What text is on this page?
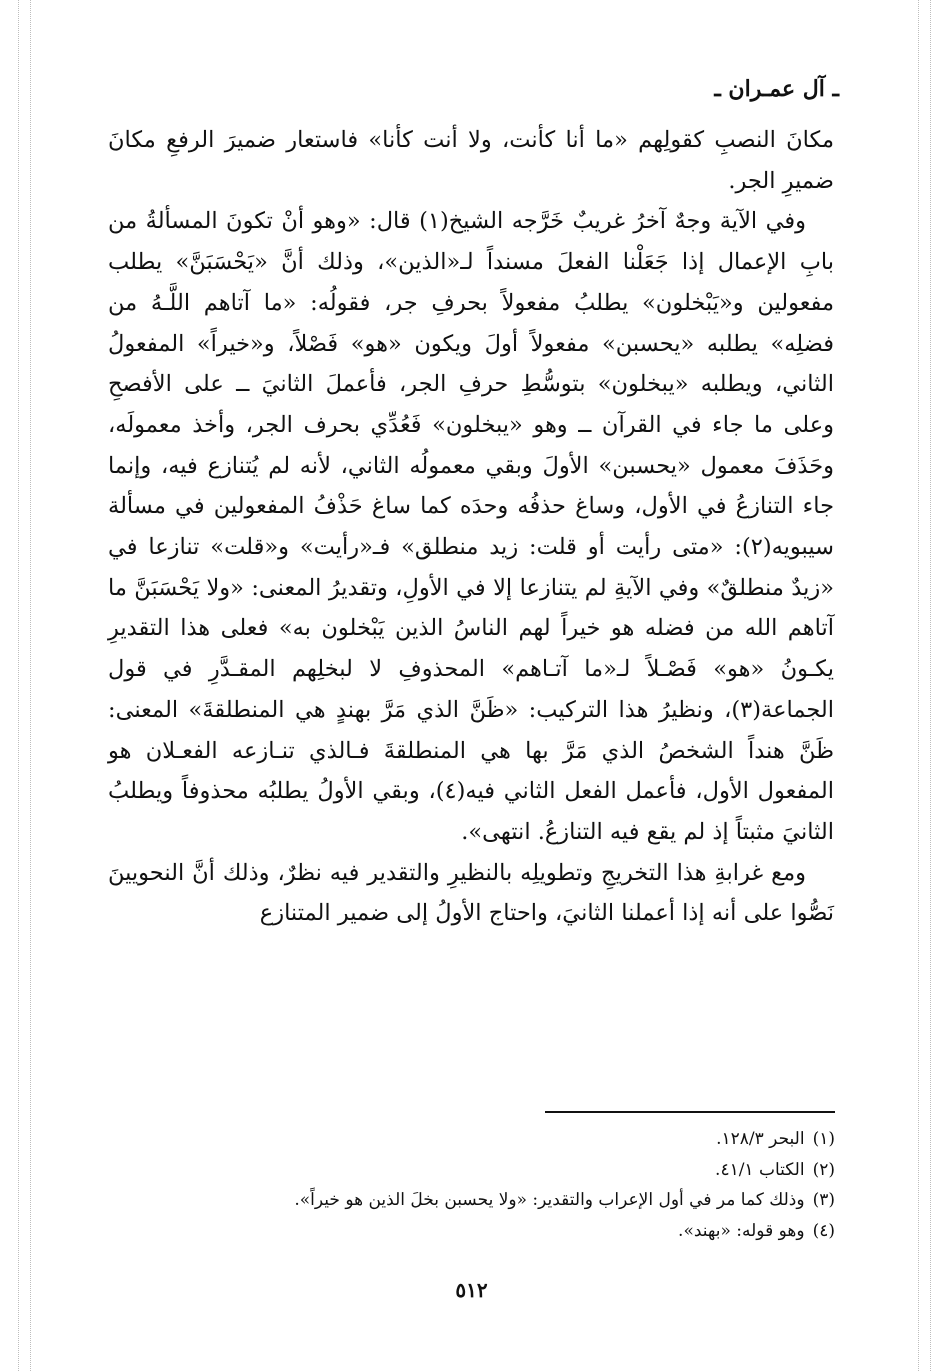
ـ آل عمـران ـ

مكانَ النصبِ كقولِهم «ما أنا كأنت، ولا أنت كأنا» فاستعار ضميرَ الرفعِ مكانَ ضميرِ الجر.

وفي الآية وجهٌ آخرُ غريبٌ خَرَّجه الشيخ(١) قال: «وهو أنْ تكونَ المسألةُ من بابِ الإعمال إذا جَعَلْنا الفعلَ مسنداً لـ«الذين»، وذلك أنَّ «يَحْسَبَنَّ» يطلب مفعولين و«يَبْخلون» يطلبُ مفعولاً بحرفِ جر، فقولُه: «ما آتاهم اللَّـهُ من فضلِه» يطلبه «يحسبن» مفعولاً أولَ ويكون «هو» فَصْلاً، و«خيراً» المفعولُ الثاني، ويطلبه «يبخلون» بتوسُّطِ حرفِ الجر، فأعملَ الثانيَ ــ على الأفصحِ وعلى ما جاء في القرآن ــ وهو «يبخلون» فَعُدِّي بحرف الجر، وأخذ معمولَه، وحَذَفَ معمول «يحسبن» الأولَ وبقي معمولُه الثاني، لأنه لم يُتنازع فيه، وإنما جاء التنازعُ في الأول، وساغ حذفُه وحدَه كما ساغ حَذْفُ المفعولين في مسألة سيبويه(٢): «متى رأيت أو قلت: زيد منطلق» فـ«رأيت» و«قلت» تنازعا في «زيدٌ منطلقٌ» وفي الآيةِ لم يتنازعا إلا في الأولِ، وتقديرُ المعنى: «ولا يَحْسَبَنَّ ما آتاهم الله من فضله هو خيراً لهم الناسُ الذين يَبْخلون به» فعلى هذا التقديرِ يكـونُ «هو» فَصْـلاً لـ«ما آتـاهم» المحذوفِ لا لبخلِهم المقـدَّرِ في قول الجماعة(٣)، ونظيرُ هذا التركيب: «ظَنَّ الذي مَرَّ بهندٍ هي المنطلقةَ» المعنى: ظَنَّ هنداً الشخصُ الذي مَرَّ بها هي المنطلقةَ فـالذي تنـازعه الفعـلان هو المفعول الأول، فأعمل الفعل الثاني فيه(٤)، وبقي الأولُ يطلبُه محذوفاً ويطلبُ الثانيَ مثبتاً إذ لم يقع فيه التنازعُ. انتهى».

ومع غرابةِ هذا التخريجِ وتطويلِه بالنظيرِ والتقدير فيه نظرٌ، وذلك أنَّ النحويينَ نَصُّوا على أنه إذا أعملنا الثانيَ، واحتاج الأولُ إلى ضمير المتنازع

(١)البحر ١٢٨/٣.
(٢)الكتاب ٤١/١.
(٣)وذلك كما مر في أول الإعراب والتقدير: «ولا يحسبن بخلَ الذين هو خيراً».
(٤)وهو قوله: «بهند».
٥١٢
